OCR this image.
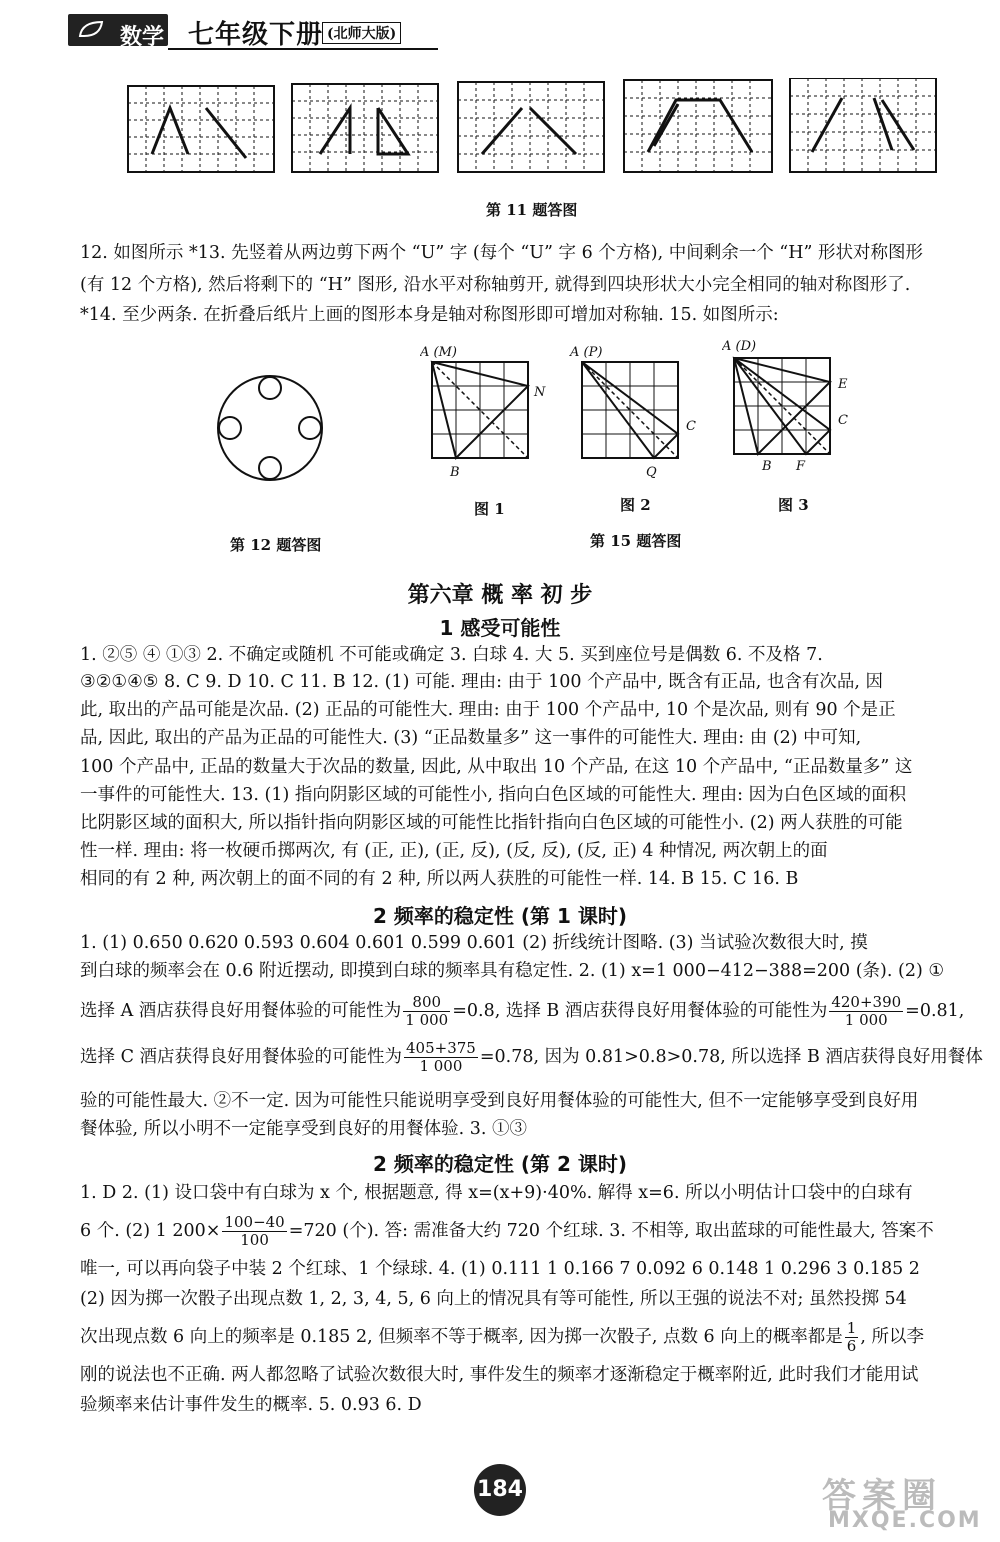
数学 七年级下册 (北师大版)
第 11 题答图
12. 如图所示 *13. 先竖着从两边剪下两个 “U” 字 (每个 “U” 字 6 个方格), 中间剩余一个 “H” 形状对称图形
(有 12 个方格), 然后将剩下的 “H” 图形, 沿水平对称轴剪开, 就得到四块形状大小完全相同的轴对称图形了.
*14. 至少两条. 在折叠后纸片上画的图形本身是轴对称图形即可增加对称轴. 15. 如图所示:
第 12 题答图
A (M)
N
B
图 1
A (P)
C
Q
图 2
A (D)
E
C
B F
图 3
第 15 题答图
第六章 概 率 初 步
1 感受可能性
1. ②⑤ ④ ①③ 2. 不确定或随机 不可能或确定 3. 白球 4. 大 5. 买到座位号是偶数 6. 不及格 7.
③②①④⑤ 8. C 9. D 10. C 11. B 12. (1) 可能. 理由: 由于 100 个产品中, 既含有正品, 也含有次品, 因
此, 取出的产品可能是次品. (2) 正品的可能性大. 理由: 由于 100 个产品中, 10 个是次品, 则有 90 个是正
品, 因此, 取出的产品为正品的可能性大. (3) “正品数量多” 这一事件的可能性大. 理由: 由 (2) 中可知,
100 个产品中, 正品的数量大于次品的数量, 因此, 从中取出 10 个产品, 在这 10 个产品中, “正品数量多” 这
一事件的可能性大. 13. (1) 指向阴影区域的可能性小, 指向白色区域的可能性大. 理由: 因为白色区域的面积
比阴影区域的面积大, 所以指针指向阴影区域的可能性比指针指向白色区域的可能性小. (2) 两人获胜的可能
性一样. 理由: 将一枚硬币掷两次, 有 (正, 正), (正, 反), (反, 反), (反, 正) 4 种情况, 两次朝上的面
相同的有 2 种, 两次朝上的面不同的有 2 种, 所以两人获胜的可能性一样. 14. B 15. C 16. B
2 频率的稳定性 (第 1 课时)
1. (1) 0.650 0.620 0.593 0.604 0.601 0.599 0.601 (2) 折线统计图略. (3) 当试验次数很大时, 摸
到白球的频率会在 0.6 附近摆动, 即摸到白球的频率具有稳定性. 2. (1) x=1 000−412−388=200 (条). (2) ①
选择 A 酒店获得良好用餐体验的可能性为 $\frac{800}{1 000} =0.8$, 选择 B 酒店获得良好用餐体验的可能性为 $\frac{420+390}{1 000} =0.81$,
选择 C 酒店获得良好用餐体验的可能性为 $\frac{405+375}{1 000} =0.78$, 因为 0.81>0.8>0.78, 所以选择 B 酒店获得良好用餐体
验的可能性最大. ②不一定. 因为可能性只能说明享受到良好用餐体验的可能性大, 但不一定能够享受到良好用
餐体验, 所以小明不一定能享受到良好的用餐体验. 3. ①③
2 频率的稳定性 (第 2 课时)
1. D 2. (1) 设口袋中有白球为 x 个, 根据题意, 得 x=(x+9)·40%. 解得 x=6. 所以小明估计口袋中的白球有
6 个. (2) 1 $200\times \frac{100-40}{100} =720$ (个). 答: 需准备大约 720 个红球. 3. 不相等, 取出蓝球的可能性最大, 答案不
唯一, 可以再向袋子中装 2 个红球、1 个绿球. 4. (1) 0.111 1 0.166 7 0.092 6 0.148 1 0.296 3 0.185 2
(2) 因为掷一次骰子出现点数 1, 2, 3, 4, 5, 6 向上的情况具有等可能性, 所以王强的说法不对; 虽然投掷 54
次出现点数 6 向上的频率是 0.185 2, 但频率不等于概率, 因为掷一次骰子, 点数 6 向上的概率都是 $\frac{1}{6}$ , 所以李
刚的说法也不正确. 两人都忽略了试验次数很大时, 事件发生的频率才逐渐稳定于概率附近, 此时我们才能用试
验频率来估计事件发生的概率. 5. 0.93 6. D
184	答案圈
MXQE.COM
